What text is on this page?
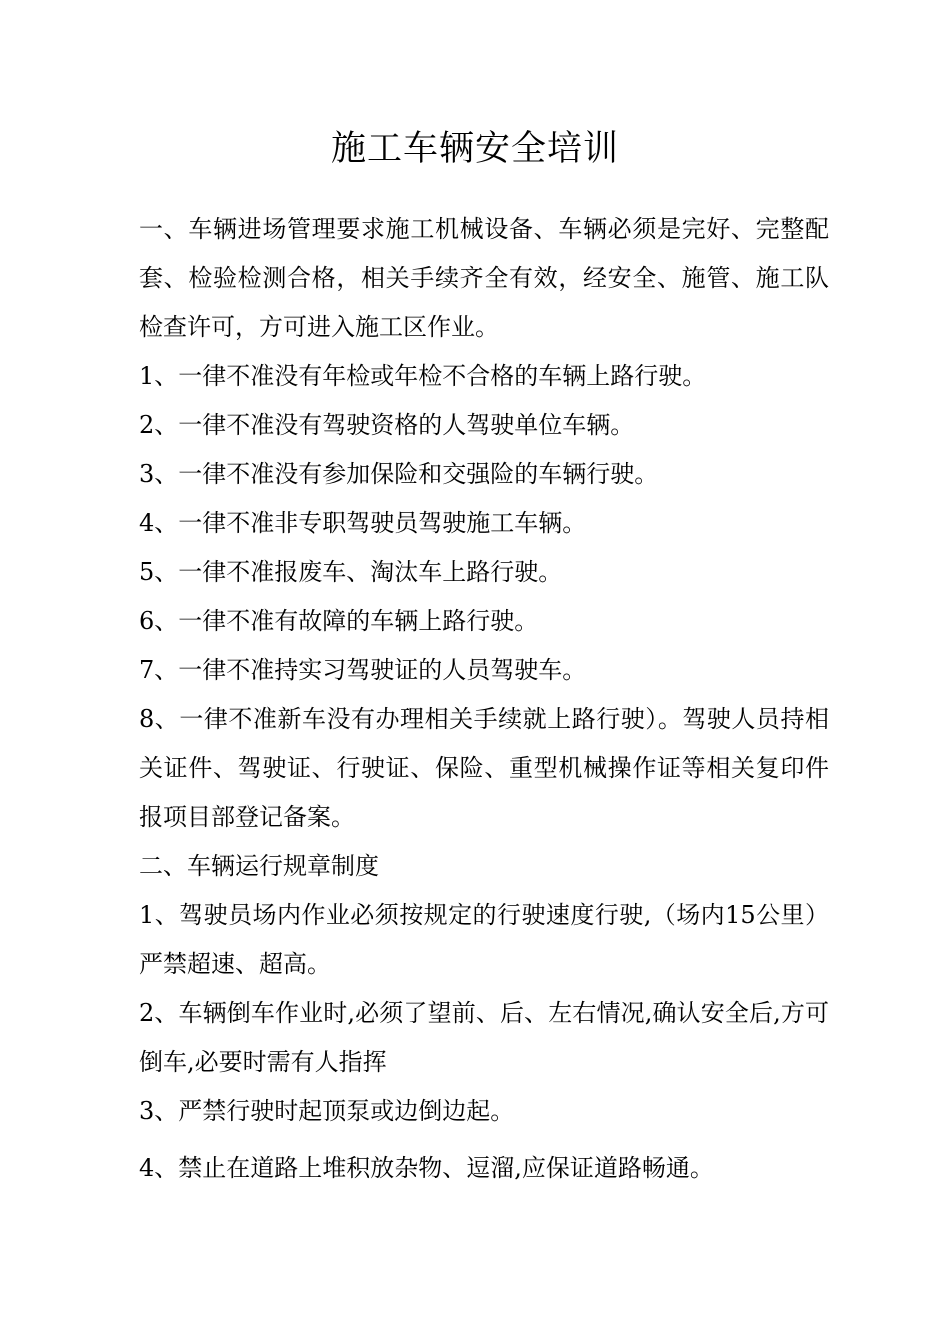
施工车辆安全培训

一、车辆进场管理要求施工机械设备、车辆必须是完好、完整配套、检验检测合格，相关手续齐全有效，经安全、施管、施工队检查许可，方可进入施工区作业。

1、一律不准没有年检或年检不合格的车辆上路行驶。

2、一律不准没有驾驶资格的人驾驶单位车辆。

3、一律不准没有参加保险和交强险的车辆行驶。

4、一律不准非专职驾驶员驾驶施工车辆。

5、一律不准报废车、淘汰车上路行驶。

6、一律不准有故障的车辆上路行驶。

7、一律不准持实习驾驶证的人员驾驶车。

8、一律不准新车没有办理相关手续就上路行驶）。驾驶人员持相关证件、驾驶证、行驶证、保险、重型机械操作证等相关复印件报项目部登记备案。

二、车辆运行规章制度

1、驾驶员场内作业必须按规定的行驶速度行驶,（场内15公里）严禁超速、超高。

2、车辆倒车作业时,必须了望前、后、左右情况,确认安全后,方可倒车,必要时需有人指挥

3、严禁行驶时起顶泵或边倒边起。

4、禁止在道路上堆积放杂物、逗溜,应保证道路畅通。
